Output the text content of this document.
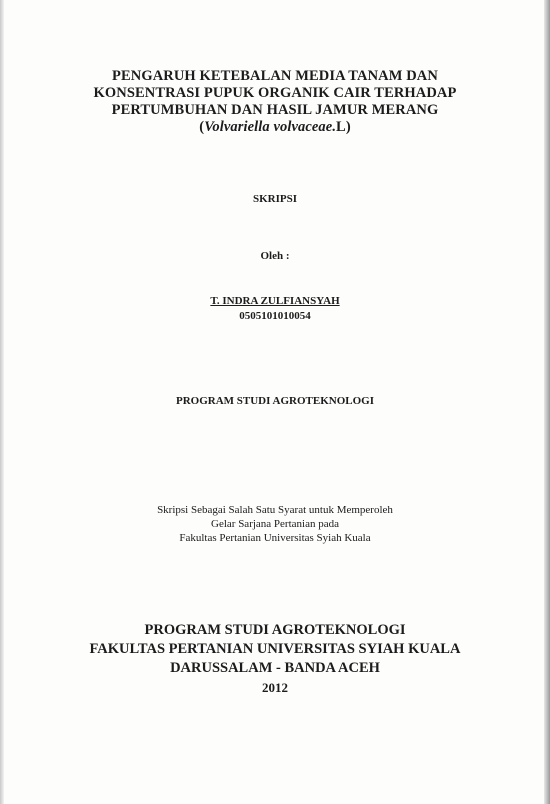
PENGARUH KETEBALAN MEDIA TANAM DAN
KONSENTRASI PUPUK ORGANIK CAIR TERHADAP
PERTUMBUHAN DAN HASIL JAMUR MERANG
(Volvariella volvaceae.L)
SKRIPSI
Oleh :
T. INDRA ZULFIANSYAH
0505101010054
PROGRAM STUDI AGROTEKNOLOGI
Skripsi Sebagai Salah Satu Syarat untuk Memperoleh
Gelar Sarjana Pertanian pada
Fakultas Pertanian Universitas Syiah Kuala
PROGRAM STUDI AGROTEKNOLOGI
FAKULTAS PERTANIAN UNIVERSITAS SYIAH KUALA
DARUSSALAM - BANDA ACEH
2012
